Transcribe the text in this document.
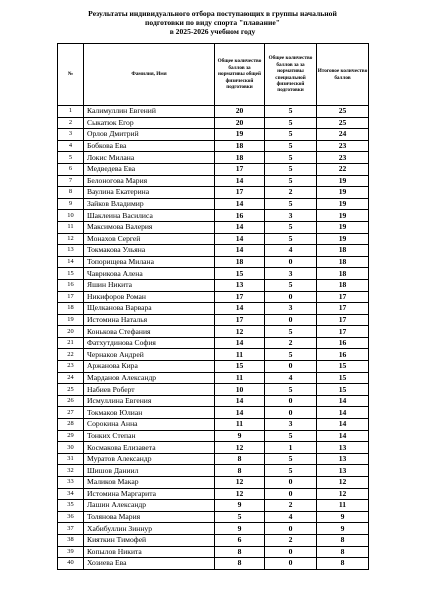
Результаты индивидуального отбора поступающих в группы начальной
подготовки по виду спорта "плавание"
в 2025-2026 учебном году
№	Фамилия, Имя	Общее количество баллов за нормативы общей физической подготовки	Общее количество баллов за за нормативы специальной физической подготовки	Итоговое количество баллов
1	Калимуллин Евгений	20	5	25
2	Сыкатюк Егор	20	5	25
3	Орлов Дмитрий	19	5	24
4	Бобкова Ева	18	5	23
5	Локис Милана	18	5	23
6	Медведева Ева	17	5	22
7	Белоногова Мария	14	5	19
8	Ваулина Екатерина	17	2	19
9	Зайков Владимир	14	5	19
10	Шаклеина Василиса	16	3	19
11	Максимова Валерия	14	5	19
12	Монахов Сергей	14	5	19
13	Токмакова Ульяна	14	4	18
14	Топорищева Милана	18	0	18
15	Чаврикова Алена	15	3	18
16	Яшин Никита	13	5	18
17	Никифоров Роман	17	0	17
18	Щелканова Варвара	14	3	17
19	Истомина Наталья	17	0	17
20	Конькова Стефания	12	5	17
21	Фатхутдинова София	14	2	16
22	Чернаков Андрей	11	5	16
23	Аржанова Кира	15	0	15
24	Марданов Александр	11	4	15
25	Набиев Роберт	10	5	15
26	Исмуллина Евгения	14	0	14
27	Токмаков Юлиан	14	0	14
28	Сорокина Анна	11	3	14
29	Тонких Степан	9	5	14
30	Космакова Елизавета	12	1	13
31	Муратов Александр	8	5	13
32	Шишов Даниил	8	5	13
33	Маликов Макар	12	0	12
34	Истомина Маргарита	12	0	12
35	Лашин Александр	9	2	11
36	Толянова Мария	5	4	9
37	Хабибуллин Зиннур	9	0	9
38	Кияткин Тимофей	6	2	8
39	Копылов Никита	8	0	8
40	Хозиева Ева	8	0	8
